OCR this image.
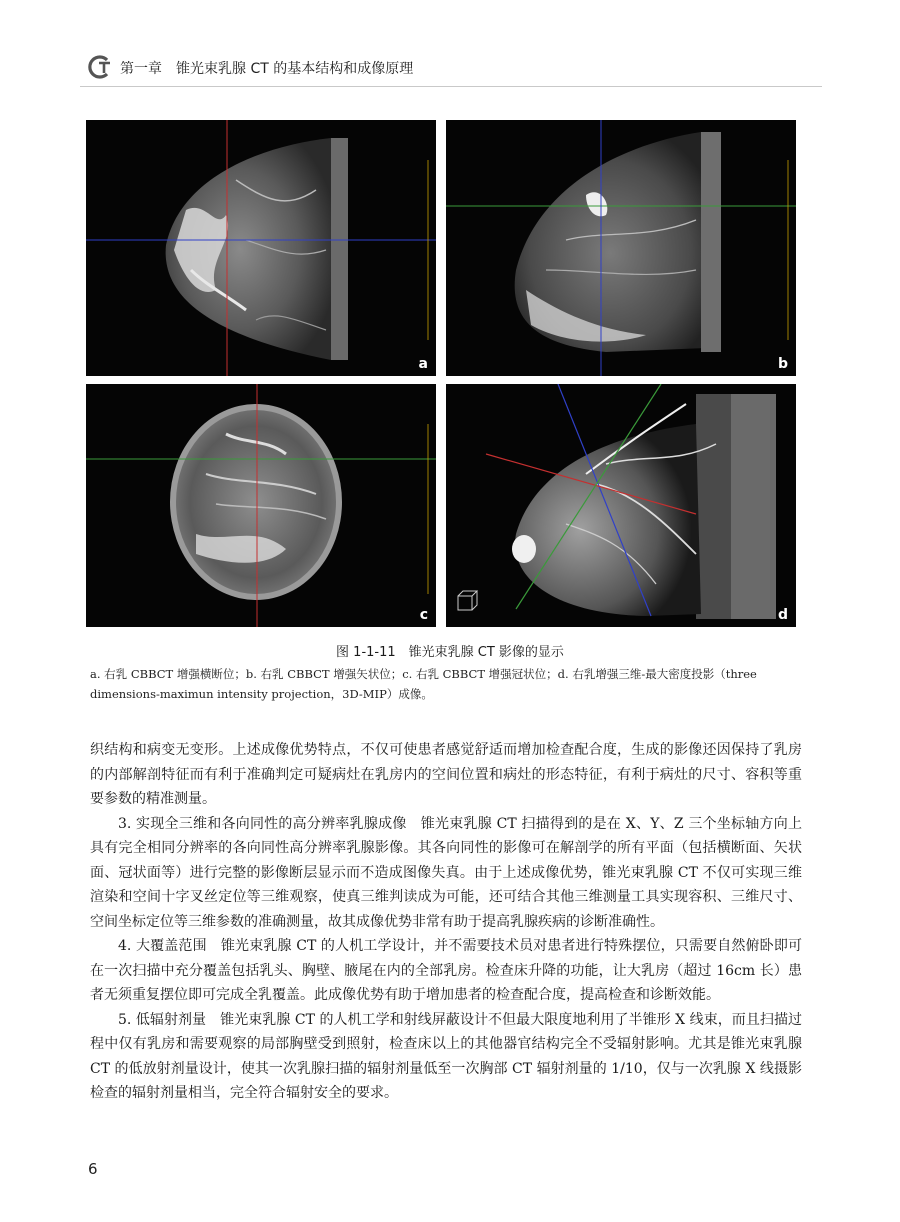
第一章　锥光束乳腺 CT 的基本结构和成像原理
a	b
c	d
图 1-1-11　锥光束乳腺 CT 影像的显示
a. 右乳 CBBCT 增强横断位；b. 右乳 CBBCT 增强矢状位；c. 右乳 CBBCT 增强冠状位；d. 右乳增强三维-最大密度投影（three dimensions-maximun intensity projection，3D-MIP）成像。

织结构和病变无变形。上述成像优势特点，不仅可使患者感觉舒适而增加检查配合度，生成的影像还因保持了乳房的内部解剖特征而有利于准确判定可疑病灶在乳房内的空间位置和病灶的形态特征，有利于病灶的尺寸、容积等重要参数的精准测量。

3. 实现全三维和各向同性的高分辨率乳腺成像　锥光束乳腺 CT 扫描得到的是在 X、Y、Z 三个坐标轴方向上具有完全相同分辨率的各向同性高分辨率乳腺影像。其各向同性的影像可在解剖学的所有平面（包括横断面、矢状面、冠状面等）进行完整的影像断层显示而不造成图像失真。由于上述成像优势，锥光束乳腺 CT 不仅可实现三维渲染和空间十字叉丝定位等三维观察，使真三维判读成为可能，还可结合其他三维测量工具实现容积、三维尺寸、空间坐标定位等三维参数的准确测量，故其成像优势非常有助于提高乳腺疾病的诊断准确性。

4. 大覆盖范围　锥光束乳腺 CT 的人机工学设计，并不需要技术员对患者进行特殊摆位，只需要自然俯卧即可在一次扫描中充分覆盖包括乳头、胸壁、腋尾在内的全部乳房。检查床升降的功能，让大乳房（超过 16cm 长）患者无须重复摆位即可完成全乳覆盖。此成像优势有助于增加患者的检查配合度，提高检查和诊断效能。

5. 低辐射剂量　锥光束乳腺 CT 的人机工学和射线屏蔽设计不但最大限度地利用了半锥形 X 线束，而且扫描过程中仅有乳房和需要观察的局部胸壁受到照射，检查床以上的其他器官结构完全不受辐射影响。尤其是锥光束乳腺 CT 的低放射剂量设计，使其一次乳腺扫描的辐射剂量低至一次胸部 CT 辐射剂量的 1/10，仅与一次乳腺 X 线摄影检查的辐射剂量相当，完全符合辐射安全的要求。

6
